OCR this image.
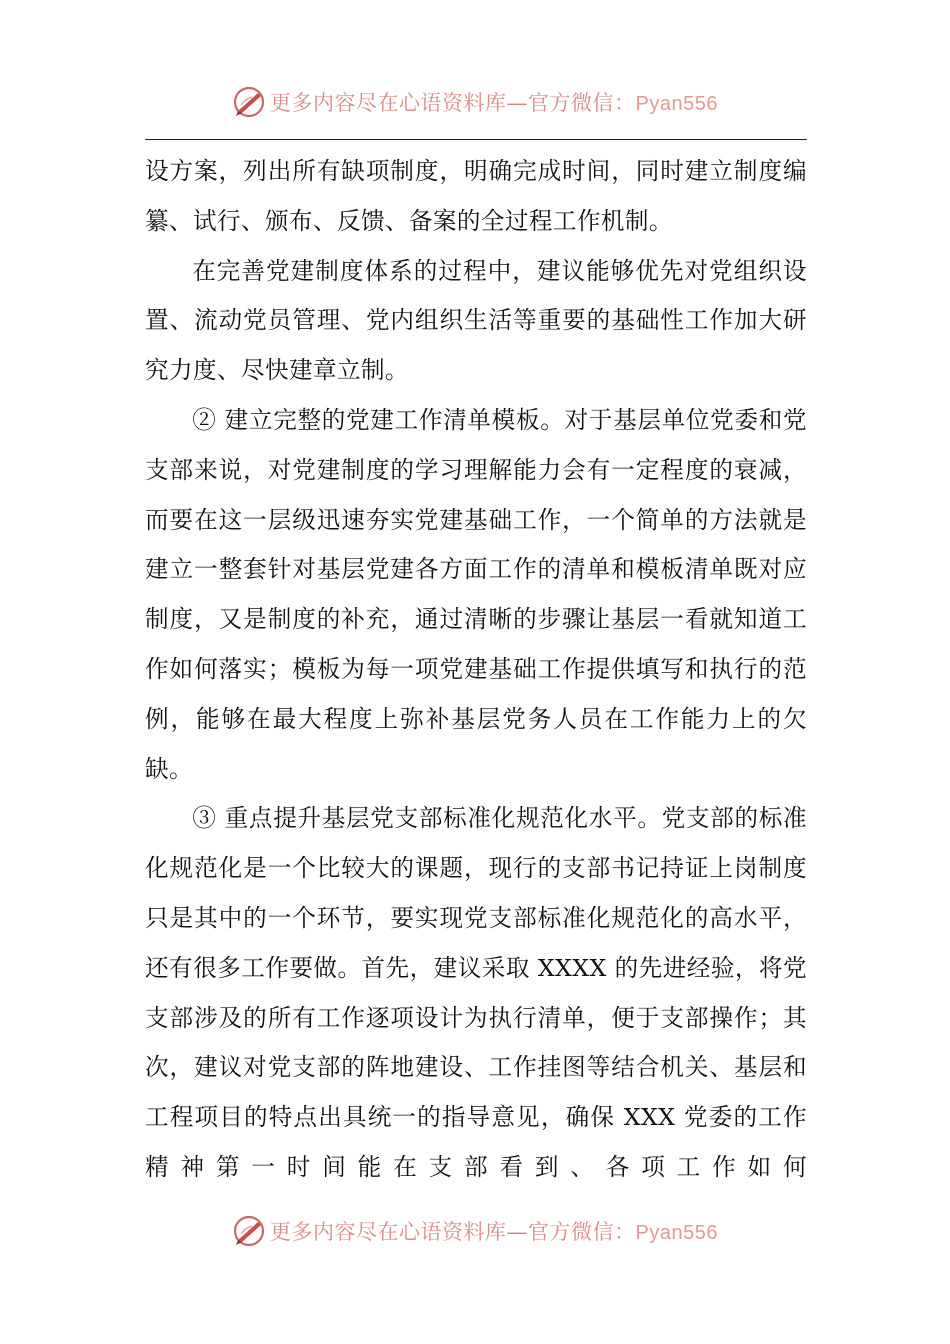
更多内容尽在心语资料库—官方微信：Pyan556

设方案，列出所有缺项制度，明确完成时间，同时建立制度编纂、试行、颁布、反馈、备案的全过程工作机制。

在完善党建制度体系的过程中，建议能够优先对党组织设置、流动党员管理、党内组织生活等重要的基础性工作加大研究力度、尽快建章立制。

② 建立完整的党建工作清单模板。对于基层单位党委和党支部来说，对党建制度的学习理解能力会有一定程度的衰减，而要在这一层级迅速夯实党建基础工作，一个简单的方法就是建立一整套针对基层党建各方面工作的清单和模板清单既对应制度，又是制度的补充，通过清晰的步骤让基层一看就知道工作如何落实；模板为每一项党建基础工作提供填写和执行的范例，能够在最大程度上弥补基层党务人员在工作能力上的欠缺。

③ 重点提升基层党支部标准化规范化水平。党支部的标准化规范化是一个比较大的课题，现行的支部书记持证上岗制度只是其中的一个环节，要实现党支部标准化规范化的高水平，还有很多工作要做。首先，建议采取 XXXX 的先进经验，将党支部涉及的所有工作逐项设计为执行清单，便于支部操作；其次，建议对党支部的阵地建设、工作挂图等结合机关、基层和工程项目的特点出具统一的指导意见，确保 XXX 党委的工作精神第一时间能在支部看到、各项工作如何

更多内容尽在心语资料库—官方微信：Pyan556
